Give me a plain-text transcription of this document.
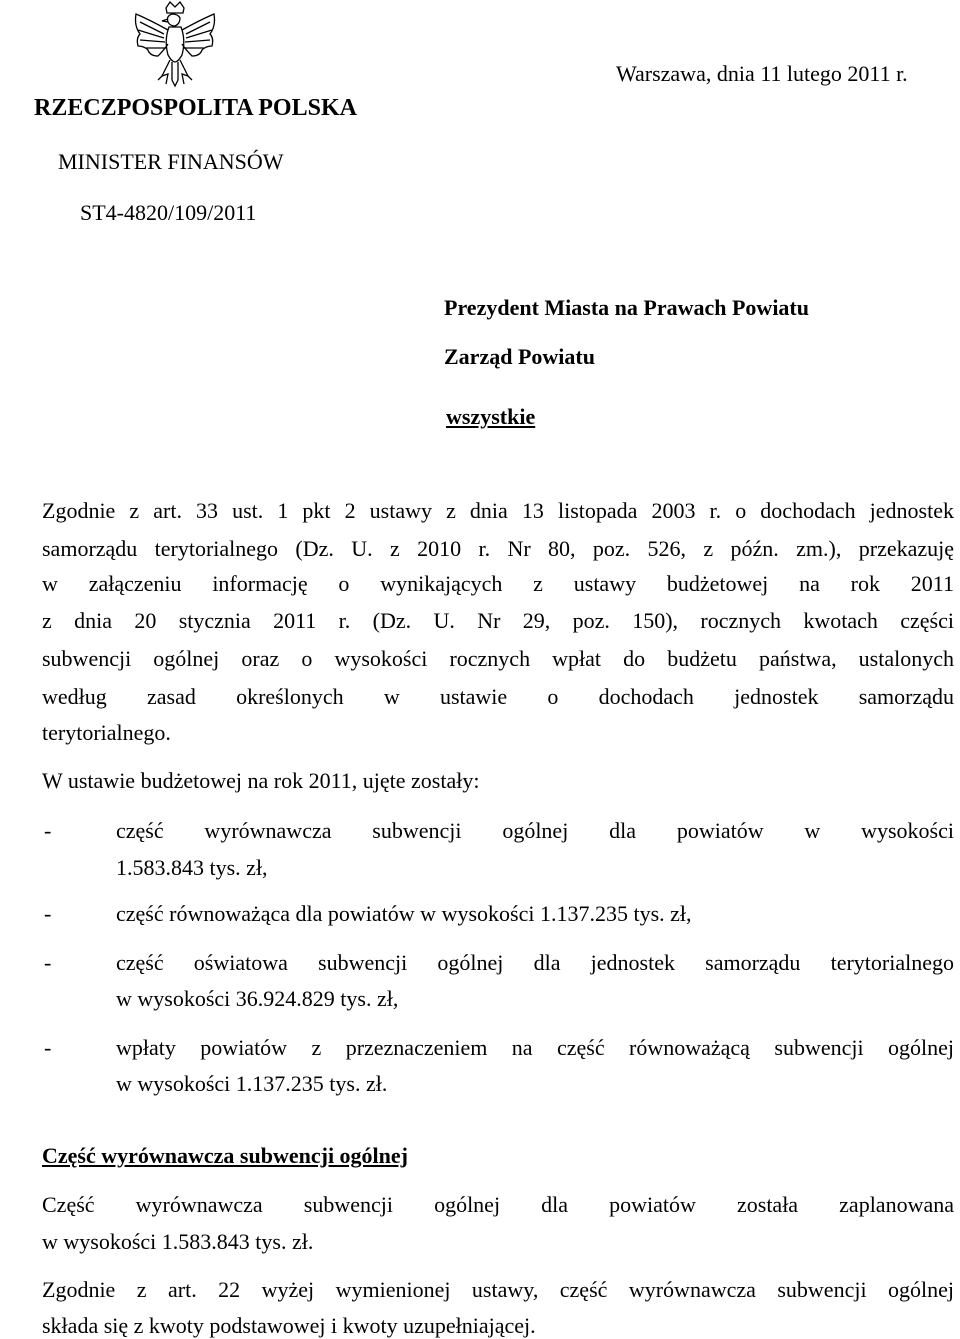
Warszawa, dnia 11 lutego 2011 r.
RZECZPOSPOLITA POLSKA
MINISTER FINANSÓW
ST4-4820/109/2011
Prezydent Miasta na Prawach Powiatu
Zarząd Powiatu
wszystkie
Zgodnie z art. 33 ust. 1 pkt 2 ustawy z dnia 13 listopada 2003 r. o dochodach jednostek
samorządu terytorialnego (Dz. U. z 2010 r. Nr 80, poz. 526, z późn. zm.), przekazuję
w załączeniu informację o wynikających z ustawy budżetowej na rok 2011
z dnia 20 stycznia 2011 r. (Dz. U. Nr 29, poz. 150), rocznych kwotach części
subwencji ogólnej oraz o wysokości rocznych wpłat do budżetu państwa, ustalonych
według zasad określonych w ustawie o dochodach jednostek samorządu
terytorialnego.
W ustawie budżetowej na rok 2011, ujęte zostały:
-	część wyrównawcza subwencji ogólnej dla powiatów w wysokości
1.583.843 tys. zł,
-	część równoważąca dla powiatów w wysokości 1.137.235 tys. zł,
-	część oświatowa subwencji ogólnej dla jednostek samorządu terytorialnego
w wysokości 36.924.829 tys. zł,
-	wpłaty powiatów z przeznaczeniem na część równoważącą subwencji ogólnej
w wysokości 1.137.235 tys. zł.
Część wyrównawcza subwencji ogólnej
Część wyrównawcza subwencji ogólnej dla powiatów została zaplanowana
w wysokości 1.583.843 tys. zł.
Zgodnie z art. 22 wyżej wymienionej ustawy, część wyrównawcza subwencji ogólnej
składa się z kwoty podstawowej i kwoty uzupełniającej.
